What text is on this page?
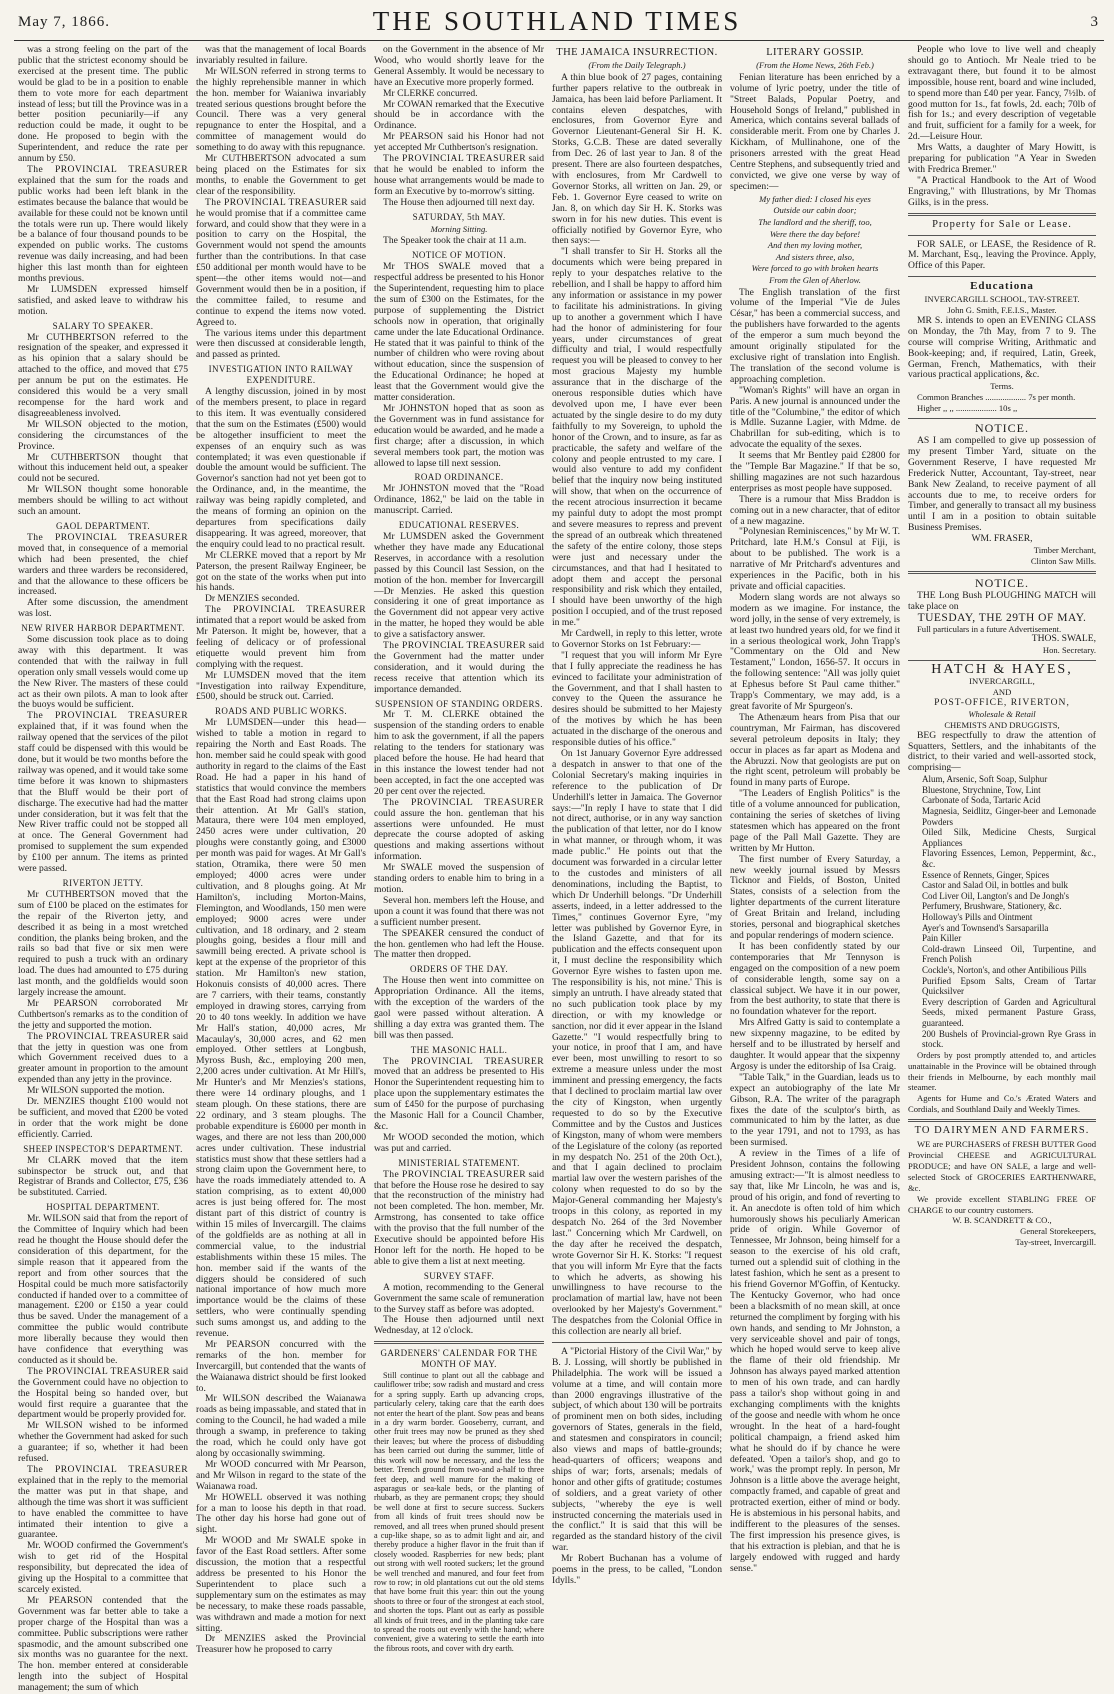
May 7, 1866.	THE SOUTHLAND TIMES	3

was a strong feeling on the part of the public that the strictest economy should be exercised at the present time. The public would be glad to be in a position to enable them to vote more for each department instead of less; but till the Province was in a better position pecuniarily—if any reduction could be made, it ought to be done. He proposed to begin with the Superintendent, and reduce the rate per annum by £50.

The PROVINCIAL TREASURER explained that the sum for the roads and public works had been left blank in the estimates because the balance that would be available for these could not be known until the totals were run up. There would likely be a balance of four thousand pounds to be expended on public works. The customs revenue was daily increasing, and had been higher this last month than for eighteen months previous.

Mr LUMSDEN expressed himself satisfied, and asked leave to withdraw his motion.

SALARY TO SPEAKER.

Mr CUTHBERTSON referred to the resignation of the speaker, and expressed it as his opinion that a salary should be attached to the office, and moved that £75 per annum be put on the estimates. He considered this would be a very small recompense for the hard work and disagreeableness involved.

Mr WILSON objected to the motion, considering the circumstances of the Province.

Mr CUTHBERTSON thought that without this inducement held out, a speaker could not be secured.

Mr WILSON thought some honorable members should be willing to act without such an amount.

GAOL DEPARTMENT.

The PROVINCIAL TREASURER moved that, in consequence of a memorial which had been presented, the chief warders and three warders be reconsidered, and that the allowance to these officers be increased.

After some discussion, the amendment was lost.

NEW RIVER HARBOR DEPARTMENT.

Some discussion took place as to doing away with this department. It was contended that with the railway in full operation only small vessels would come up the New River. The masters of these could act as their own pilots. A man to look after the buoys would be sufficient.

The PROVINCIAL TREASURER explained that, if it was found when the railway opened that the services of the pilot staff could be dispensed with this would be done, but it would be two months before the railway was opened, and it would take some time before it was known to shipmasters that the Bluff would be their port of discharge. The executive had had the matter under consideration, but it was felt that the New River traffic could not be stopped all at once. The General Government had promised to supplement the sum expended by £100 per annum. The items as printed were passed.

RIVERTON JETTY.

Mr CUTHBERTSON moved that the sum of £100 be placed on the estimates for the repair of the Riverton jetty, and described it as being in a most wretched condition, the planks being broken, and the rails so bad that five or six men were required to push a truck with an ordinary load. The dues had amounted to £75 during last month, and the goldfields would soon largely increase the amount.

Mr PEARSON corroborated Mr Cuthbertson's remarks as to the condition of the jetty and supported the motion.

The PROVINCIAL TREASURER said that the jetty in question was one from which Government received dues to a greater amount in proportion to the amount expended than any jetty in the province.

Mr WILSON supported the motion.

Dr. MENZIES thought £100 would not be sufficient, and moved that £200 be voted in order that the work might be done efficiently. Carried.

SHEEP INSPECTOR'S DEPARTMENT.

Mr CLARK moved that the item subinspector be struck out, and that Registrar of Brands and Collector, £75, £36 be substituted. Carried.

HOSPITAL DEPARTMENT.

Mr. WILSON said that from the report of the Committee of Inquiry which had been read he thought the House should defer the consideration of this department, for the simple reason that it appeared from the report and from other sources that the Hospital could be much more satisfactorily conducted if handed over to a committee of management. £200 or £150 a year could thus be saved. Under the management of a committee the public would contribute more liberally because they would then have confidence that everything was conducted as it should be.

The PROVINCIAL TREASURER said the Government could have no objection to the Hospital being so handed over, but would first require a guarantee that the department would be properly provided for.

Mr WILSON wished to be informed whether the Government had asked for such a guarantee; if so, whether it had been refused.

The PROVINCIAL TREASURER explained that in the reply to the memorial the matter was put in that shape, and although the time was short it was sufficient to have enabled the committee to have intimated their intention to give a guarantee.

Mr. WOOD confirmed the Government's wish to get rid of the Hospital responsibility, but deprecated the idea of giving up the Hospital to a committee that scarcely existed.

Mr PEARSON contended that the Government was far better able to take a proper charge of the Hospital than was a committee. Public subscriptions were rather spasmodic, and the amount subscribed one six months was no guarantee for the next. The hon. member entered at considerable length into the subject of Hospital management; the sum of which

was that the management of local Boards invariably resulted in failure.

Mr WILSON referred in strong terms to the highly reprehensible manner in which the hon. member for Waianiwa invariably treated serious questions brought before the Council. There was a very general repugnance to enter the Hospital, and a committee of management would do something to do away with this repugnance.

Mr CUTHBERTSON advocated a sum being placed on the Estimates for six months, to enable the Government to get clear of the responsibility.

The PROVINCIAL TREASURER said he would promise that if a committee came forward, and could show that they were in a position to carry on the Hospital, the Government would not spend the amounts further than the contributions. In that case £50 additional per month would have to be spent—the other items would not—and Government would then be in a position, if the committee failed, to resume and continue to expend the items now voted. Agreed to.

The various items under this department were then discussed at considerable length, and passed as printed.

INVESTIGATION INTO RAILWAY EXPENDITURE.

A lengthy discussion, joined in by most of the members present, to place in regard to this item. It was eventually considered that the sum on the Estimates (£500) would be altogether insufficient to meet the expenses of an enquiry such as was contemplated; it was even questionable if double the amount would be sufficient. The Governor's sanction had not yet been got to the Ordinance, and, in the meantime, the railway was being rapidly completed, and the means of forming an opinion on the departures from specifications daily disappearing. It was agreed, moreover, that the enquiry could lead to no practical result.

Mr CLERKE moved that a report by Mr Paterson, the present Railway Engineer, be got on the state of the works when put into his hands.

Dr MENZIES seconded.

The PROVINCIAL TREASURER intimated that a report would be asked from Mr Paterson. It might be, however, that a feeling of delicacy or of professional etiquette would prevent him from complying with the request.

Mr LUMSDEN moved that the item "Investigation into railway Expenditure, £500, should be struck out. Carried.

ROADS AND PUBLIC WORKS.

Mr LUMSDEN—under this head—wished to table a motion in regard to repairing the North and East Roads. The hon. member said he could speak with good authority in regard to the claims of the East Road. He had a paper in his hand of statistics that would convince the members that the East Road had strong claims upon their attention. At Mr Gall's station, Mataura, there were 104 men employed, 2450 acres were under cultivation, 20 ploughs were constantly going, and £3000 per month was paid for wages. At Mr Gall's station, Otramika, there were 50 men employed; 4000 acres were under cultivation, and 8 ploughs going. At Mr Hamilton's, including Morton-Mains, Flemington, and Woodlands, 150 men were employed; 9000 acres were under cultivation, and 18 ordinary, and 2 steam ploughs going, besides a flour mill and sawmill being erected. A private school is kept at the expense of the proprietor of this station. Mr Hamilton's new station, Hokonuis consists of 40,000 acres. There are 7 carriers, with their teams, constantly employed in drawing stores, carrying from 20 to 40 tons weekly. In addition we have Mr Hall's station, 40,000 acres, Mr Macaulay's, 30,000 acres, and 62 men employed. Other settlers at Longbush, Myross Bush, &c., employing 200 men, 2,200 acres under cultivation. At Mr Hill's, Mr Hunter's and Mr Menzies's stations, there were 14 ordinary ploughs, and 1 steam plough. On these stations, there are 22 ordinary, and 3 steam ploughs. The probable expenditure is £6000 per month in wages, and there are not less than 200,000 acres under cultivation. These industrial statistics must show that these settlers had a strong claim upon the Government here, to have the roads immediately attended to. A station comprising, as to extent 40,000 acres is just being offered for. The most distant part of this district of country is within 15 miles of Invercargill. The claims of the goldfields are as nothing at all in commercial value, to the industrial establishments within these 15 miles. The hon. member said if the wants of the diggers should be considered of such national importance of how much more importance would be the claims of these settlers, who were continually spending such sums amongst us, and adding to the revenue.

Mr PEARSON concurred with the remarks of the hon. member for Invercargill, but contended that the wants of the Waianawa district should be first looked to.

Mr WILSON described the Waianawa roads as being impassable, and stated that in coming to the Council, he had waded a mile through a swamp, in preference to taking the road, which he could only have got along by occasionally swimming.

Mr WOOD concurred with Mr Pearson, and Mr Wilson in regard to the state of the Waianawa road.

Mr HOWELL observed it was nothing for a man to loose his depth in that road. The other day his horse had gone out of sight.

Mr WOOD and Mr SWALE spoke in favor of the East Road settlers. After some discussion, the motion that a respectful address be presented to his Honor the Superintendent to place such a supplementary sum on the estimates as may be necessary, to make these roads passable, was withdrawn and made a motion for next sitting.

Dr MENZIES asked the Provincial Treasurer how he proposed to carry

on the Government in the absence of Mr Wood, who would shortly leave for the General Assembly. It would be necessary to have an Executive more properly formed.

Mr CLERKE concurred.

Mr COWAN remarked that the Executive should be in accordance with the Ordinance.

Mr PEARSON said his Honor had not yet accepted Mr Cuthbertson's resignation.

The PROVINCIAL TREASURER said that he would be enabled to inform the house what arrangements would be made to form an Executive by to-morrow's sitting.

The House then adjourned till next day.

SATURDAY, 5th MAY.

Morning Sitting.

The Speaker took the chair at 11 a.m.

NOTICE OF MOTION.

Mr THOS SWALE moved that a respectful address be presented to his Honor the Superintendent, requesting him to place the sum of £300 on the Estimates, for the purpose of supplementing the District schools now in operation, that originally came under the late Educational Ordinance. He stated that it was painful to think of the number of children who were roving about without education, since the suspension of the Educational Ordinance; he hoped at least that the Government would give the matter consideration.

Mr JOHNSTON hoped that as soon as the Government was in fund assistance for education would be awarded, and he made a first charge; after a discussion, in which several members took part, the motion was allowed to lapse till next session.

ROAD ORDINANCE.

Mr JOHNSTON moved that the "Road Ordinance, 1862," be laid on the table in manuscript. Carried.

EDUCATIONAL RESERVES.

Mr LUMSDEN asked the Government whether they have made any Educational Reserves, in accordance with a resolution passed by this Council last Session, on the motion of the hon. member for Invercargill—Dr Menzies. He asked this question considering it one of great importance as the Government did not appear very active in the matter, he hoped they would be able to give a satisfactory answer.

The PROVINCIAL TREASURER said the Government had the matter under consideration, and it would during the recess receive that attention which its importance demanded.

SUSPENSION OF STANDING ORDERS.

Mr T. M. CLERKE obtained the suspension of the standing orders to enable him to ask the government, if all the papers relating to the tenders for stationary was placed before the house. He had heard that in this instance the lowest tender had not been accepted, in fact the one accepted was 20 per cent over the rejected.

The PROVINCIAL TREASURER could assure the hon. gentleman that his assertions were unfounded. He must deprecate the course adopted of asking questions and making assertions without information.

Mr SWALE moved the suspension of standing orders to enable him to bring in a motion.

Several hon. members left the House, and upon a count it was found that there was not a sufficient number present.

The SPEAKER censured the conduct of the hon. gentlemen who had left the House. The matter then dropped.

ORDERS OF THE DAY.

The House then went into committee on Appropriation Ordinance. All the items, with the exception of the warders of the gaol were passed without alteration. A shilling a day extra was granted them. The bill was then passed.

THE MASONIC HALL.

The PROVINCIAL TREASURER moved that an address be presented to His Honor the Superintendent requesting him to place upon the supplementary estimates the sum of £450 for the purpose of purchasing the Masonic Hall for a Council Chamber, &c.

Mr WOOD seconded the motion, which was put and carried.

MINISTERIAL STATEMENT.

The PROVINCIAL TREASURER said that before the House rose he desired to say that the reconstruction of the ministry had not been completed. The hon. member, Mr. Armstrong, has consented to take office with the proviso that the full number of the Executive should be appointed before His Honor left for the north. He hoped to be able to give them a list at next meeting.

SURVEY STAFF.

A motion, recommending to the General Government the same scale of remuneration to the Survey staff as before was adopted.

The House then adjourned until next Wednesday, at 12 o'clock.

GARDENERS' CALENDAR FOR THE MONTH OF MAY.

Still continue to plant out all the cabbage and cauliflower tribe; sow radish and mustard and cress for a spring supply. Earth up advancing crops, particularly celery, taking care that the earth does not enter the heart of the plant. Sow peas and beans in a dry warm border. Gooseberry, currant, and other fruit trees may now be pruned as they shed their leaves; but where the process of disbudding has been carried out during the summer, little of this work will now be necessary, and the less the better. Trench ground from two-and a-half to three feet deep, and well manure for the making of asparagus or sea-kale beds, or the planting of rhubarb, as they are permanent crops; they should be well done at first to secure success. Suckers from all kinds of fruit trees should now be removed, and all trees when pruned should present a cup-like shape, so as to admit light and air, and thereby produce a higher flavor in the fruit than if closely wooded. Raspberries for new beds; plant out strong with well rooted suckers; let the ground be well trenched and manured, and four feet from row to row; in old plantations cut out the old stems that have borne fruit this year: thin out the young shoots to three or four of the strongest at each stool, and shorten the tops. Plant out as early as possible all kinds of fruit trees, and in the planting take care to spread the roots out evenly with the hand; where convenient, give a watering to settle the earth into the fibrous roots, and cover with dry earth.

THE JAMAICA INSURRECTION.

(From the Daily Telegraph.)

A thin blue book of 27 pages, containing further papers relative to the outbreak in Jamaica, has been laid before Parliament. It contains eleven despatches, with enclosures, from Governor Eyre and Governor Lieutenant-General Sir H. K. Storks, G.C.B. These are dated severally from Dec. 26 of last year to Jan. 8 of the present. There are also fourteen despatches, with enclosures, from Mr Cardwell to Governor Storks, all written on Jan. 29, or Feb. 1. Governor Eyre ceased to write on Jan. 8, on which day Sir H. K. Storks was sworn in for his new duties. This event is officially notified by Governor Eyre, who then says:—

"I shall transfer to Sir H. Storks all the documents which were being prepared in reply to your despatches relative to the rebellion, and I shall be happy to afford him any information or assistance in my power to facilitate his administrations. In giving up to another a government which I have had the honor of administering for four years, under circumstances of great difficulty and trial, I would respectfully request you will be pleased to convey to her most gracious Majesty my humble assurance that in the discharge of the onerous responsible duties which have devolved upon me, I have ever been actuated by the single desire to do my duty faithfully to my Sovereign, to uphold the honor of the Crown, and to insure, as far as practicable, the safety and welfare of the colony and people entrusted to my care. I would also venture to add my confident belief that the inquiry now being instituted will show, that when on the occurrence of the recent atrocious insurrection it became my painful duty to adopt the most prompt and severe measures to repress and prevent the spread of an outbreak which threatened the safety of the entire colony, those steps were just and necessary under the circumstances, and that had I hesitated to adopt them and accept the personal responsibility and risk which they entailed, I should have been unworthy of the high position I occupied, and of the trust reposed in me."

Mr Cardwell, in reply to this letter, wrote to Governor Storks on 1st February:—

"I request that you will inform Mr Eyre that I fully appreciate the readiness he has evinced to facilitate your administration of the Government, and that I shall hasten to convey to the Queen the assurance he desires should be submitted to her Majesty of the motives by which he has been actuated in the discharge of the onerous and responsible duties of his office."

On 1st January Governor Eyre addressed a despatch in answer to that one of the Colonial Secretary's making inquiries in reference to the publication of Dr Underhill's letter in Jamaica. The Governor says:—"In reply I have to state that I did not direct, authorise, or in any way sanction the publication of that letter, nor do I know in what manner, or through whom, it was made public." He points out that the document was forwarded in a circular letter to the custodes and ministers of all denominations, including the Baptist, to which Dr Underhill belongs. "Dr Underhill asserts, indeed, in a letter addressed to the Times," continues Governor Eyre, "my letter was published by Governor Eyre, in the Island Gazette, and that for its publication and the effects consequent upon it, I must decline the responsibility which Governor Eyre wishes to fasten upon me. The responsibility is his, not mine.' This is simply an untruth. I have already stated that no such publication took place by my direction, or with my knowledge or sanction, nor did it ever appear in the Island Gazette." "I would respectfully bring to your notice, in proof that I am, and have ever been, most unwilling to resort to so extreme a measure unless under the most imminent and pressing emergency, the facts that I declined to proclaim martial law over the city of Kingston, when urgently requested to do so by the Executive Committee and by the Custos and Justices of Kingston, many of whom were members of the Legislature of the colony (as reported in my despatch No. 251 of the 20th Oct.), and that I again declined to proclaim martial law over the western parishes of the colony when requested to do so by the Major-General commanding her Majesty's troops in this colony, as reported in my despatch No. 264 of the 3rd November last." Concerning which Mr Cardwell, on the day after he received the despatch, wrote Governor Sir H. K. Storks: "I request that you will inform Mr Eyre that the facts to which he adverts, as showing his unwillingness to have recourse to the proclamation of martial law, have not been overlooked by her Majesty's Government." The despatches from the Colonial Office in this collection are nearly all brief.

A "Pictorial History of the Civil War," by B. J. Lossing, will shortly be published in Philadelphia. The work will be issued a volume at a time, and will contain more than 2000 engravings illustrative of the subject, of which about 130 will be portraits of prominent men on both sides, including governors of States, generals in the field, and statesmen and conspirators in council; also views and maps of battle-grounds; head-quarters of officers; weapons and ships of war; forts, arsenals; medals of honor and other gifts of gratitude; costumes of soldiers, and a great variety of other subjects, "whereby the eye is well instructed concerning the materials used in the conflict." It is said that this will be regarded as the standard history of the civil war.

Mr Robert Buchanan has a volume of poems in the press, to be called, "London Idylls."

LITERARY GOSSIP.

(From the Home News, 26th Feb.)

Fenian literature has been enriched by a volume of lyric poetry, under the title of "Street Balads, Popular Poetry, and Household Songs of Ireland," published in America, which contains several ballads of considerable merit. From one by Charles J. Kickham, of Mullinahone, one of the prisoners arrested with the great Head Centre Stephens, and subsequently tried and convicted, we give one verse by way of specimen:—

My father died: I closed his eyes

Outside our cabin door;

The landlord and the sheriff, too,

Were there the day before!

And then my loving mother,

And sisters three, also,

Were forced to go with broken hearts

From the Glen of Aherlow.

The English translation of the first volume of the Imperial "Vie de Jules César," has been a commercial success, and the publishers have forwarded to the agents of the emperor a sum much beyond the amount originally stipulated for the exclusive right of translation into English. The translation of the second volume is approaching completion.

"Woman's Rights" will have an organ in Paris. A new journal is announced under the title of the "Columbine," the editor of which is Mdlle. Suzanne Lagier, with Mdme. de Chabrillan for sub-editing, which is to advocate the equality of the sexes.

It seems that Mr Bentley paid £2800 for the "Temple Bar Magazine." If that be so, shilling magazines are not such hazardous enterprises as most people have supposed.

There is a rumour that Miss Braddon is coming out in a new character, that of editor of a new magazine.

"Polynesian Reminiscences," by Mr W. T. Pritchard, late H.M.'s Consul at Fiji, is about to be published. The work is a narrative of Mr Pritchard's adventures and experiences in the Pacific, both in his private and official capacities.

Modern slang words are not always so modern as we imagine. For instance, the word jolly, in the sense of very extremely, is at least two hundred years old, for we find it in a serious theological work, John Trapp's "Commentary on the Old and New Testament," London, 1656-57. It occurs in the following sentence: "All was jolly quiet at Ephesus before St Paul came thither." Trapp's Commentary, we may add, is a great favorite of Mr Spurgeon's.

The Athenæum hears from Pisa that our countryman, Mr Fairman, has discovered several petroleum deposits in Italy; they occur in places as far apart as Modena and the Abruzzi. Now that geologists are put on the right scent, petroleum will probably be found in many parts of Europe.

"The Leaders of English Politics" is the title of a volume announced for publication, containing the series of sketches of living statesmen which has appeared on the front page of the Pall Mall Gazette. They are written by Mr Hutton.

The first number of Every Saturday, a new weekly journal issued by Messrs Ticknor and Fields, of Boston, United States, consists of a selection from the lighter departments of the current literature of Great Britain and Ireland, including stories, personal and biographical sketches and popular renderings of modern science.

It has been confidently stated by our contemporaries that Mr Tennyson is engaged on the composition of a new poem of considerable length, some say on a classical subject. We have it in our power, from the best authority, to state that there is no foundation whatever for the report.

Mrs Alfred Gatty is said to contemplate a new sixpenny magazine, to be edited by herself and to be illustrated by herself and daughter. It would appear that the sixpenny Argosy is under the editorship of Isa Craig.

"Table Talk," in the Guardian, leads us to expect an autobiography of the late Mr Gibson, R.A. The writer of the paragraph fixes the date of the sculptor's birth, as communicated to him by the latter, as due to the year 1791, and not to 1793, as has been surmised.

A review in the Times of a life of President Johnson, contains the following amusing extract:—"It is almost needless to say that, like Mr Lincoln, he was and is, proud of his origin, and fond of reverting to it. An anecdote is often told of him which humorously shows his peculiarly American pride of origin. While Governor of Tennessee, Mr Johnson, being himself for a season to the exercise of his old craft, turned out a splendid suit of clothing in the latest fashion, which he sent as a present to his friend Governor M'Goffin, of Kentucky. The Kentucky Governor, who had once been a blacksmith of no mean skill, at once returned the compliment by forging with his own hands, and sending to Mr Johnston, a very serviceable shovel and pair of tongs, which he hoped would serve to keep alive the flame of their old friendship. Mr Johnson has always payed marked attention to men of his own trade, and can hardly pass a tailor's shop without going in and exchanging compliments with the knights of the goose and needle with whom he once wrought. In the heat of a hard-fought political champaign, a friend asked him what he should do if by chance he were defeated. 'Open a tailor's shop, and go to work,' was the prompt reply. In person, Mr Johnson is a little above the average height, compactly framed, and capable of great and protracted exertion, either of mind or body. He is abstemious in his personal habits, and indifferent to the pleasures of the senses. The first impression his presence gives, is that his extraction is plebian, and that he is largely endowed with rugged and hardy sense."

People who love to live well and cheaply should go to Antioch. Mr Neale tried to be extravagant there, but found it to be almost impossible, house rent, board and wine included, to spend more than £40 per year. Fancy, 7½lb. of good mutton for 1s., fat fowls, 2d. each; 70lb of fish for 1s.; and every description of vegetable and fruit, sufficient for a family for a week, for 2d.—Leisure Hour.

Mrs Watts, a daughter of Mary Howitt, is preparing for publication "A Year in Sweden with Fredrica Bremer."

"A Practical Handbook to the Art of Wood Engraving," with Illustrations, by Mr Thomas Gilks, is in the press.

Property for Sale or Lease.

FOR SALE, or LEASE, the Residence of R. M. Marchant, Esq., leaving the Province. Apply, Office of this Paper.

Educationa

INVERCARGILL SCHOOL, TAY-STREET.

John G. Smith, F.E.I.S., Master.

MR S. intends to open an EVENING CLASS on Monday, the 7th May, from 7 to 9. The course will comprise Writing, Arithmatic and Book-keeping; and, if required, Latin, Greek, German, French, Mathematics, with their various practical applications, &c.

Terms.

Common Branches ................... 7s per month.

Higher ,, ,, ................... 10s ,,

NOTICE.

AS I am compelled to give up possession of my present Timber Yard, situate on the Government Reserve, I have requested Mr Frederick Nutter, Accountant, Tay-street, near Bank New Zealand, to receive payment of all accounts due to me, to receive orders for Timber, and generally to transact all my business until I am in a position to obtain suitable Business Premises.

WM. FRASER,

Timber Merchant,

Clinton Saw Mills.

NOTICE.

THE Long Bush PLOUGHING MATCH will take place on

TUESDAY, THE 29TH OF MAY.

Full particulars in a future Advertisement.

THOS. SWALE,

Hon. Secretary.

HATCH & HAYES,

INVERCARGILL,

AND

POST-OFFICE, RIVERTON,

Wholesale & Retail

CHEMISTS AND DRUGGISTS,

BEG respectfully to draw the attention of Squatters, Settlers, and the inhabitants of the district, to their varied and well-assorted stock, comprising—

Alum, Arsenic, Soft Soap, Sulphur

Bluestone, Strychnine, Tow, Lint

Carbonate of Soda, Tartaric Acid

Magnesia, Seidlitz, Ginger-beer and Lemonade Powders

Oiled Silk, Medicine Chests, Surgical Appliances

Flavoring Essences, Lemon, Peppermint, &c., &c.

Essence of Rennets, Ginger, Spices

Castor and Salad Oil, in bottles and bulk

Cod Liver Oil, Langton's and De Jongh's

Perfumery, Brushware, Stationery, &c.

Holloway's Pills and Ointment

Ayer's and Townsend's Sarsaparilla

Pain Killer

Cold-drawn Linseed Oil, Turpentine, and French Polish

Cockle's, Norton's, and other Antibilious Pills

Purified Epsom Salts, Cream of Tartar Quicksilver

Every description of Garden and Agricultural Seeds, mixed permanent Pasture Grass, guaranteed.

200 Bushels of Provincial-grown Rye Grass in stock.

Orders by post promptly attended to, and articles unattainable in the Province will be obtained through their friends in Melbourne, by each monthly mail steamer.

Agents for Hume and Co.'s Ærated Waters and Cordials, and Southland Daily and Weekly Times.

TO DAIRYMEN AND FARMERS.

WE are PURCHASERS of FRESH BUTTER Good Provincial CHEESE and AGRICULTURAL PRODUCE; and have ON SALE, a large and well-selected Stock of GROCERIES EARTHENWARE, &c.

We provide excellent STABLING FREE OF CHARGE to our country customers.

W. B. SCANDRETT & CO.,

General Storekeepers,

Tay-street, Invercargill.
